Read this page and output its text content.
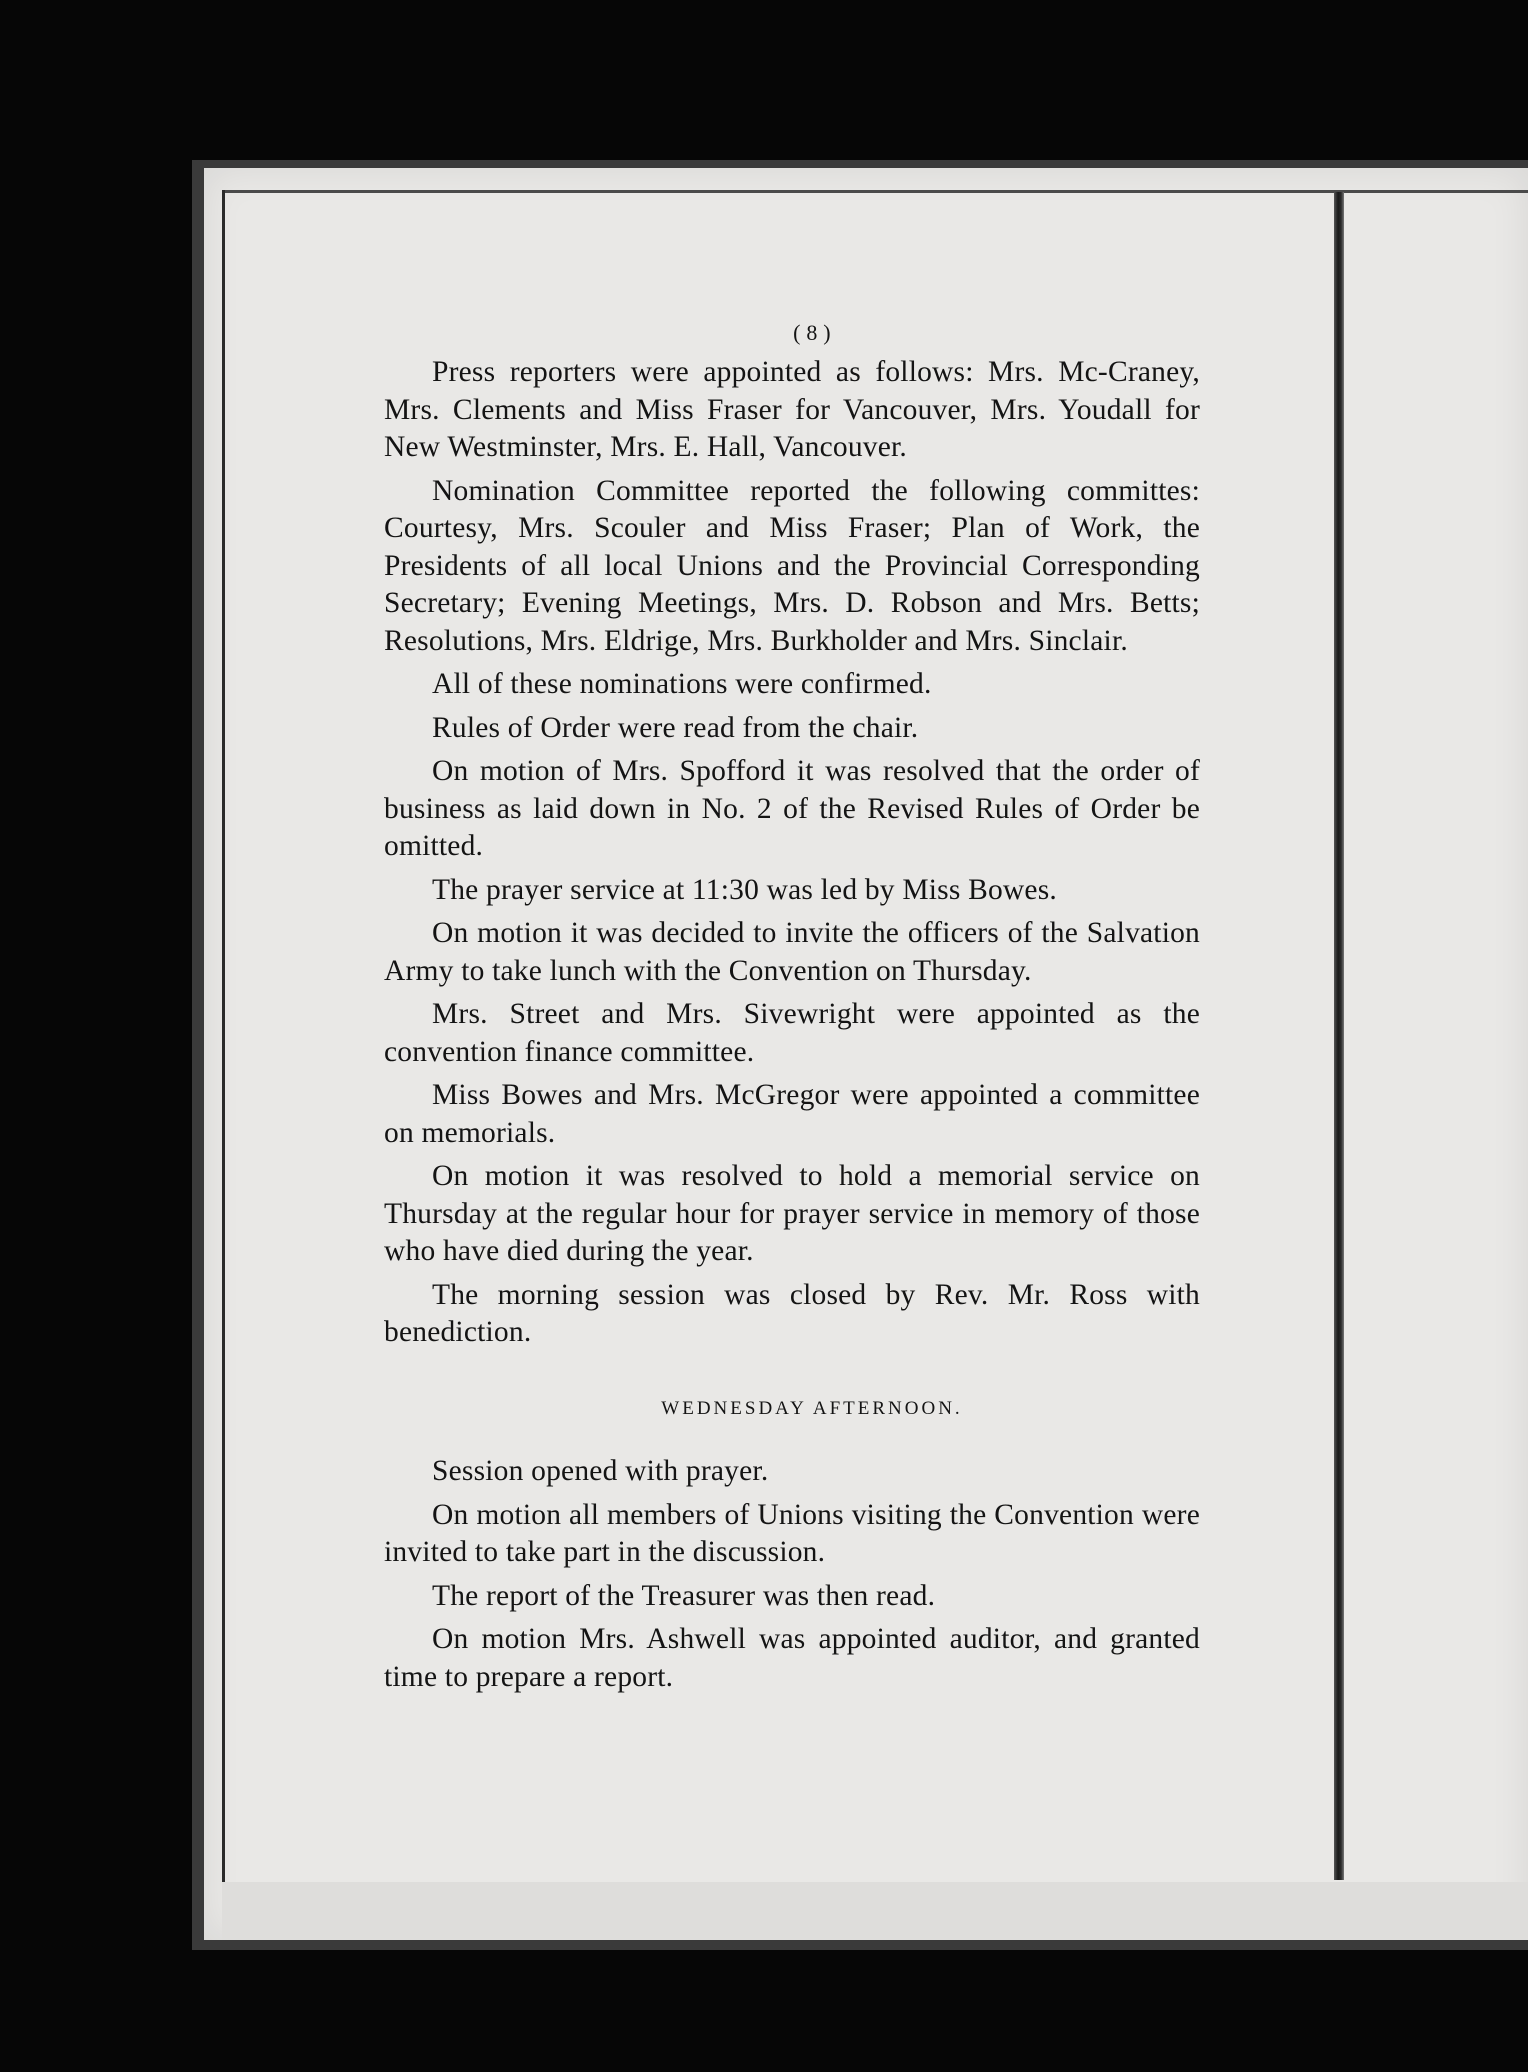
( 8 )

Press reporters were appointed as follows: Mrs. Mc-Craney, Mrs. Clements and Miss Fraser for Vancouver, Mrs. Youdall for New Westminster, Mrs. E. Hall, Vancouver.

Nomination Committee reported the following committes: Courtesy, Mrs. Scouler and Miss Fraser; Plan of Work, the Presidents of all local Unions and the Provincial Corresponding Secretary; Evening Meetings, Mrs. D. Robson and Mrs. Betts; Resolutions, Mrs. Eldrige, Mrs. Burkholder and Mrs. Sinclair.

All of these nominations were confirmed.

Rules of Order were read from the chair.

On motion of Mrs. Spofford it was resolved that the order of business as laid down in No. 2 of the Revised Rules of Order be omitted.

The prayer service at 11:30 was led by Miss Bowes.

On motion it was decided to invite the officers of the Salvation Army to take lunch with the Convention on Thursday.

Mrs. Street and Mrs. Sivewright were appointed as the convention finance committee.

Miss Bowes and Mrs. McGregor were appointed a committee on memorials.

On motion it was resolved to hold a memorial service on Thursday at the regular hour for prayer service in memory of those who have died during the year.

The morning session was closed by Rev. Mr. Ross with benediction.

WEDNESDAY AFTERNOON.

Session opened with prayer.

On motion all members of Unions visiting the Convention were invited to take part in the discussion.

The report of the Treasurer was then read.

On motion Mrs. Ashwell was appointed auditor, and granted time to prepare a report.
